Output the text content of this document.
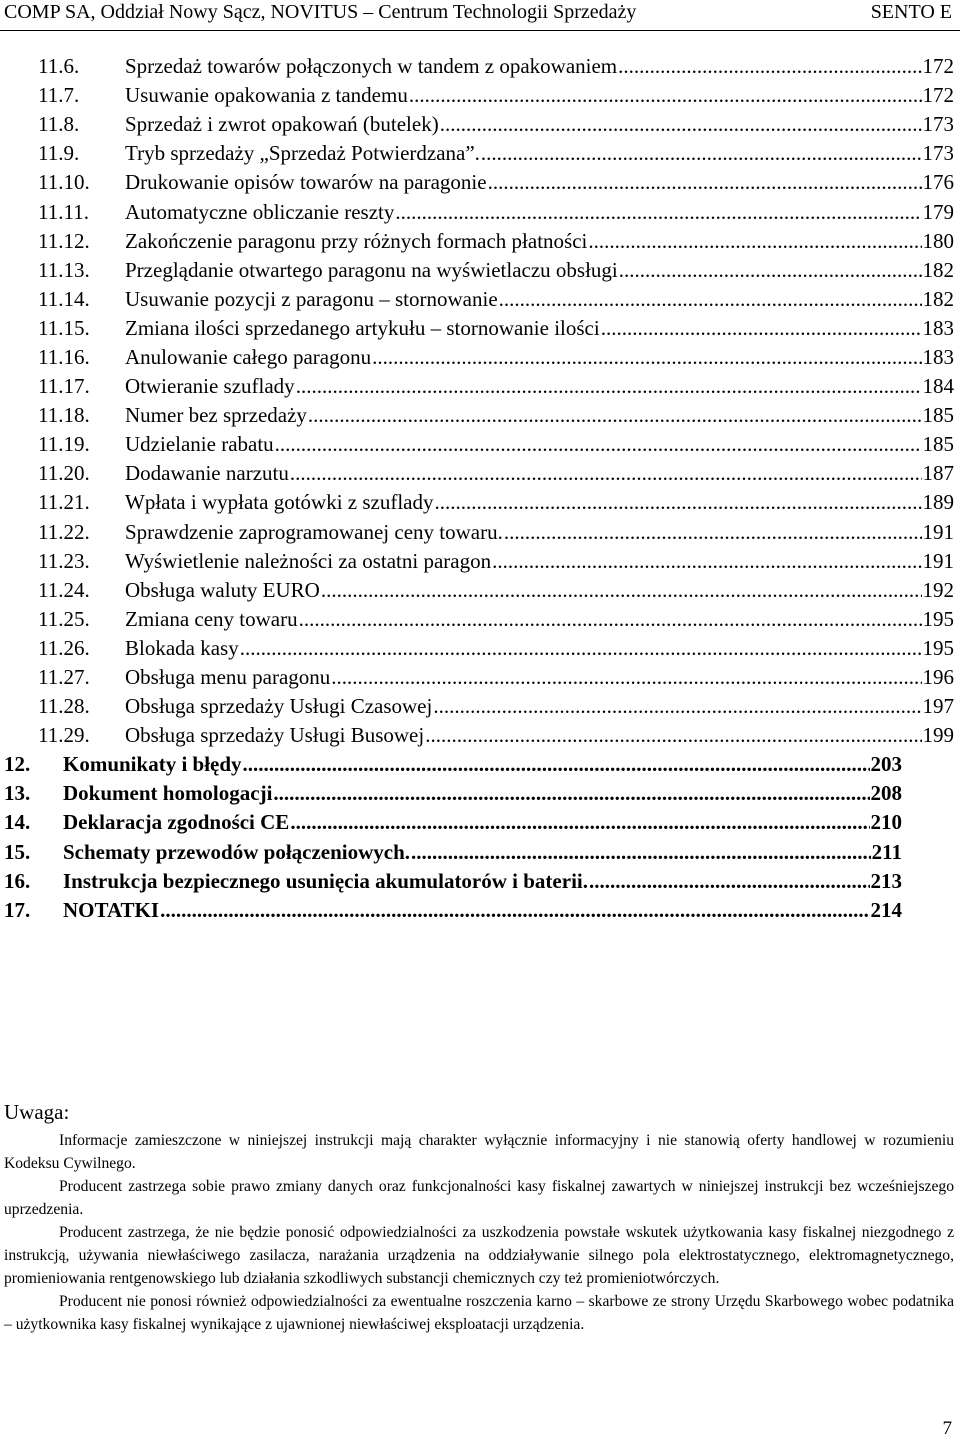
COMP SA, Oddział Nowy Sącz, NOVITUS – Centrum Technologii Sprzedaży	SENTO E
11.6.	Sprzedaż towarów połączonych w tandem z opakowaniem .....	172
11.7.	Usuwanie opakowania z tandemu .....	172
11.8.	Sprzedaż i zwrot opakowań (butelek) .....	173
11.9.	Tryb sprzedaży „Sprzedaż Potwierdzana”. .....	173
11.10.	Drukowanie opisów towarów na paragonie .....	176
11.11.	Automatyczne obliczanie reszty .....	179
11.12.	Zakończenie paragonu przy różnych formach płatności .....	180
11.13.	Przeglądanie otwartego paragonu na wyświetlaczu obsługi .....	182
11.14.	Usuwanie pozycji z paragonu – stornowanie .....	182
11.15.	Zmiana ilości sprzedanego artykułu – stornowanie ilości .....	183
11.16.	Anulowanie całego paragonu .....	183
11.17.	Otwieranie szuflady .....	184
11.18.	Numer bez sprzedaży .....	185
11.19.	Udzielanie rabatu .....	185
11.20.	Dodawanie narzutu .....	187
11.21.	Wpłata i wypłata gotówki z szuflady .....	189
11.22.	Sprawdzenie zaprogramowanej ceny towaru. .....	191
11.23.	Wyświetlenie należności za ostatni paragon .....	191
11.24.	Obsługa waluty EURO .....	192
11.25.	Zmiana ceny towaru .....	195
11.26.	Blokada kasy .....	195
11.27.	Obsługa menu paragonu .....	196
11.28.	Obsługa sprzedaży Usługi Czasowej .....	197
11.29.	Obsługa sprzedaży Usługi Busowej .....	199
12.	Komunikaty i błędy .....	203
13.	Dokument homologacji .....	208
14.	Deklaracja zgodności CE .....	210
15.	Schematy przewodów połączeniowych. .....	211
16.	Instrukcja bezpiecznego usunięcia akumulatorów i baterii. .....	213
17.	NOTATKI .....	214
Uwaga:

Informacje zamieszczone w niniejszej instrukcji mają charakter wyłącznie informacyjny i nie stanowią oferty handlowej w rozumieniu Kodeksu Cywilnego.

Producent zastrzega sobie prawo zmiany danych oraz funkcjonalności kasy fiskalnej zawartych w niniejszej instrukcji bez wcześniejszego uprzedzenia.

Producent zastrzega, że nie będzie ponosić odpowiedzialności za uszkodzenia powstałe wskutek użytkowania kasy fiskalnej niezgodnego z instrukcją, używania niewłaściwego zasilacza, narażania urządzenia na oddziaływanie silnego pola elektrostatycznego, elektromagnetycznego, promieniowania rentgenowskiego lub działania szkodliwych substancji chemicznych czy też promieniotwórczych.

Producent nie ponosi również odpowiedzialności za ewentualne roszczenia karno – skarbowe ze strony Urzędu Skarbowego wobec podatnika – użytkownika kasy fiskalnej wynikające z ujawnionej niewłaściwej eksploatacji urządzenia.

7
